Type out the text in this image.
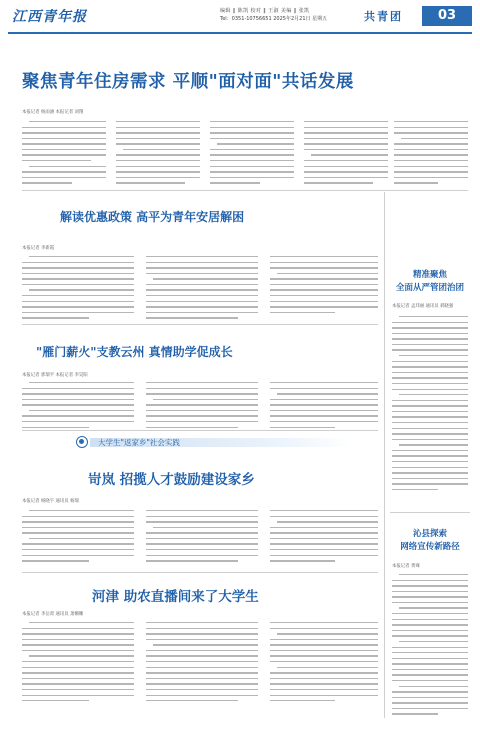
江西青年报	编辑 ‖ 陈凯 校对 ‖ 王淑 美编 ‖ 张凯
Tel：0351-10756651 2025年2月21日 星期五	共青团	03
聚焦青年住房需求 平顺"面对面"共话发展
本报记者 杨雨涵 本报记者 刘翔
解读优惠政策 高平为青年安居解困
本报记者 李新霞
精准聚焦
全面从严管团治团
本报记者 孟玮丽 通讯员 郝晓强
"雁门薪火"支教云州 真情助学促成长
本报记者 郭瑞平 本报记者 李昊阳
大学生"返家乡"社会实践
岢岚 招揽人才鼓励建设家乡
本报记者 杨晓宇 通讯员 杨瑞
沁县探索
网络宣传新路径
本报记者 黄骞
河津 助农直播间来了大学生
本报记者 李岳霄 通讯员 萧姗姗
